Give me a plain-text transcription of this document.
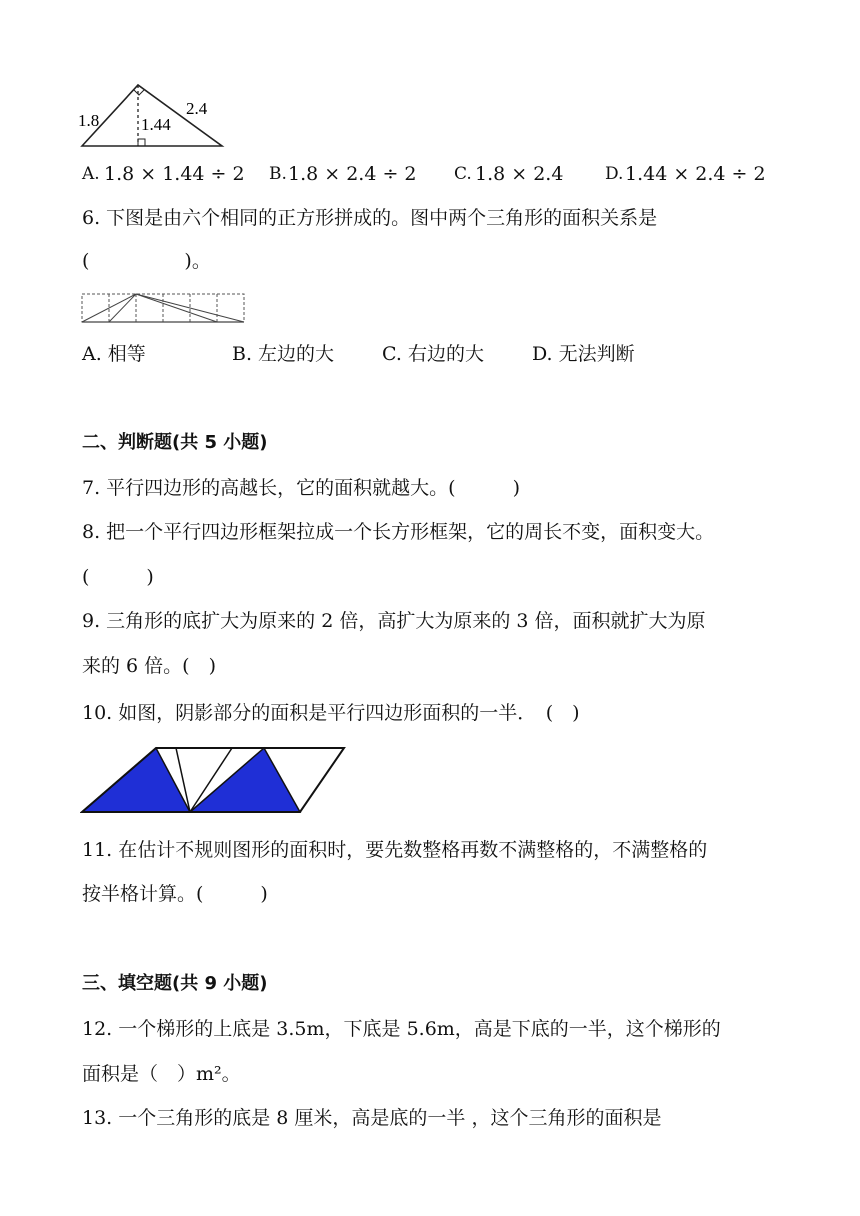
1.8 1.44
2.4
A. 1.8 × 1.44 ÷ 2 B. 1.8 × 2.4 ÷ 2 C. 1.8 × 2.4 D. 1.44 × 2.4 ÷ 2
6. 下图是由六个相同的正方形拼成的。图中两个三角形的面积关系是
(　　　　　)。
A. 相等	B. 左边的大	C. 右边的大	D. 无法判断
二、判断题(共 5 小题)
7. 平行四边形的高越长，它的面积就越大。(　　　)
8. 把一个平行四边形框架拉成一个长方形框架，它的周长不变，面积变大。
(　　　)
9. 三角形的底扩大为原来的 2 倍，高扩大为原来的 3 倍，面积就扩大为原
来的 6 倍。(　)
10. 如图，阴影部分的面积是平行四边形面积的一半．　(　)
11. 在估计不规则图形的面积时，要先数整格再数不满整格的，不满整格的
按半格计算。(　　　)
三、填空题(共 9 小题)
12. 一个梯形的上底是 3.5m，下底是 5.6m，高是下底的一半，这个梯形的
面积是（　）m²。
13. 一个三角形的底是 8 厘米，高是底的一半 ，这个三角形的面积是
